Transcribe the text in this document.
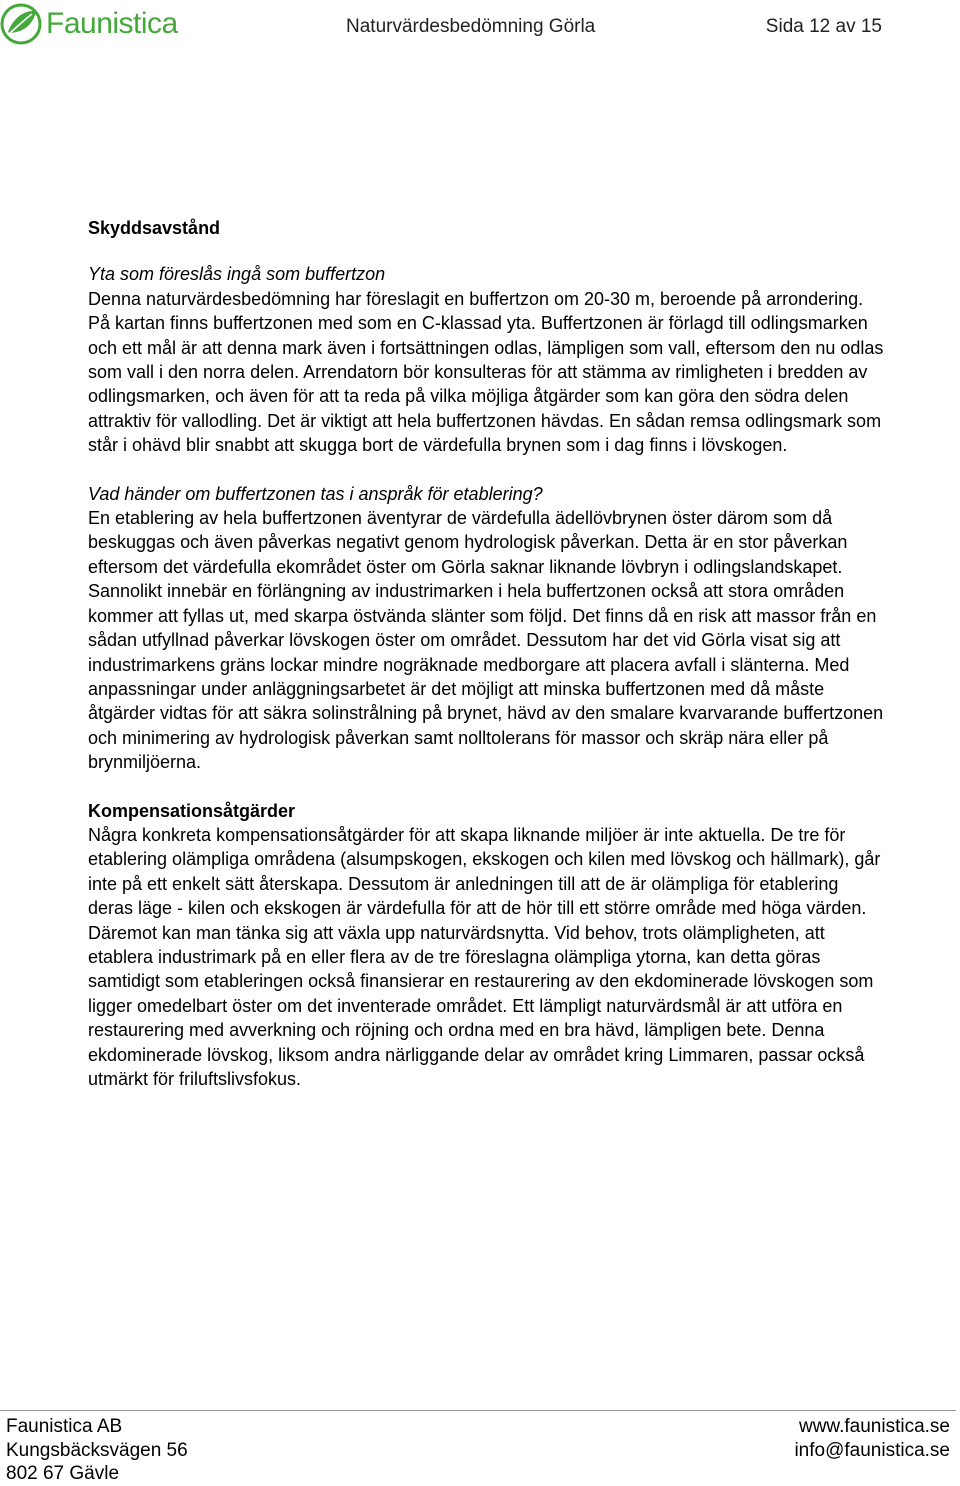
Faunistica	Naturvärdesbedömning Görla	Sida 12 av 15

Skyddsavstånd

Yta som föreslås ingå som buffertzon

Denna naturvärdesbedömning har föreslagit en buffertzon om 20-30 m, beroende på arrondering. På kartan finns buffertzonen med som en C-klassad yta. Buffertzonen är förlagd till odlingsmarken och ett mål är att denna mark även i fortsättningen odlas, lämpligen som vall, eftersom den nu odlas som vall i den norra delen. Arrendatorn bör konsulteras för att stämma av rimligheten i bredden av odlingsmarken, och även för att ta reda på vilka möjliga åtgärder som kan göra den södra delen attraktiv för vallodling. Det är viktigt att hela buffertzonen hävdas. En sådan remsa odlingsmark som står i ohävd blir snabbt att skugga bort de värdefulla brynen som i dag finns i lövskogen.

Vad händer om buffertzonen tas i anspråk för etablering?

En etablering av hela buffertzonen äventyrar de värdefulla ädellövbrynen öster därom som då beskuggas och även påverkas negativt genom hydrologisk påverkan. Detta är en stor påverkan eftersom det värdefulla ekområdet öster om Görla saknar liknande lövbryn i odlingslandskapet. Sannolikt innebär en förlängning av industrimarken i hela buffertzonen också att stora områden kommer att fyllas ut, med skarpa östvända slänter som följd. Det finns då en risk att massor från en sådan utfyllnad påverkar lövskogen öster om området. Dessutom har det vid Görla visat sig att industrimarkens gräns lockar mindre nogräknade medborgare att placera avfall i slänterna. Med anpassningar under anläggningsarbetet är det möjligt att minska buffertzonen med då måste åtgärder vidtas för att säkra solinstrålning på brynet, hävd av den smalare kvarvarande buffertzonen och minimering av hydrologisk påverkan samt nolltolerans för massor och skräp nära eller på brynmiljöerna.

Kompensationsåtgärder

Några konkreta kompensationsåtgärder för att skapa liknande miljöer är inte aktuella. De tre för etablering olämpliga områdena (alsumpskogen, ekskogen och kilen med lövskog och hällmark), går inte på ett enkelt sätt återskapa. Dessutom är anledningen till att de är olämpliga för etablering deras läge - kilen och ekskogen är värdefulla för att de hör till ett större område med höga värden. Däremot kan man tänka sig att växla upp naturvärdsnytta. Vid behov, trots olämpligheten, att etablera industrimark på en eller flera av de tre föreslagna olämpliga ytorna, kan detta göras samtidigt som etableringen också finansierar en restaurering av den ekdominerade lövskogen som ligger omedelbart öster om det inventerade området. Ett lämpligt naturvärdsmål är att utföra en restaurering med avverkning och röjning och ordna med en bra hävd, lämpligen bete. Denna ekdominerade lövskog, liksom andra närliggande delar av området kring Limmaren, passar också utmärkt för friluftslivsfokus.

Faunistica AB
Kungsbäcksvägen 56
802 67 Gävle
www.faunistica.se
info@faunistica.se
